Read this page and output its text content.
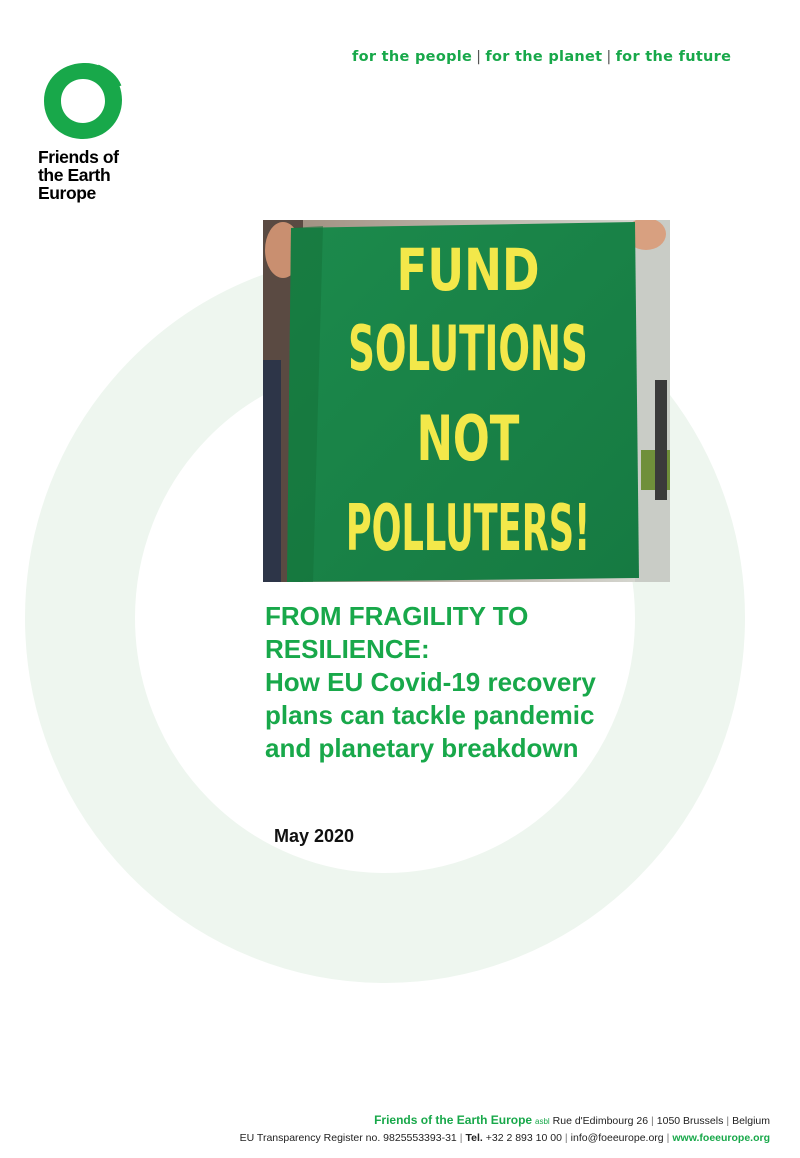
for the people | for the planet | for the future
Friends of
the Earth
Europe
FUND
SOLUTIONS
NOT
POLLUTERS!
FROM FRAGILITY TO
RESILIENCE:
How EU Covid-19 recovery
plans can tackle pandemic
and planetary breakdown
May 2020
Friends of the Earth Europe asbl Rue d'Edimbourg 26 | 1050 Brussels | Belgium
EU Transparency Register no. 9825553393-31 | Tel. +32 2 893 10 00 | info@foeeurope.org | www.foeeurope.org
